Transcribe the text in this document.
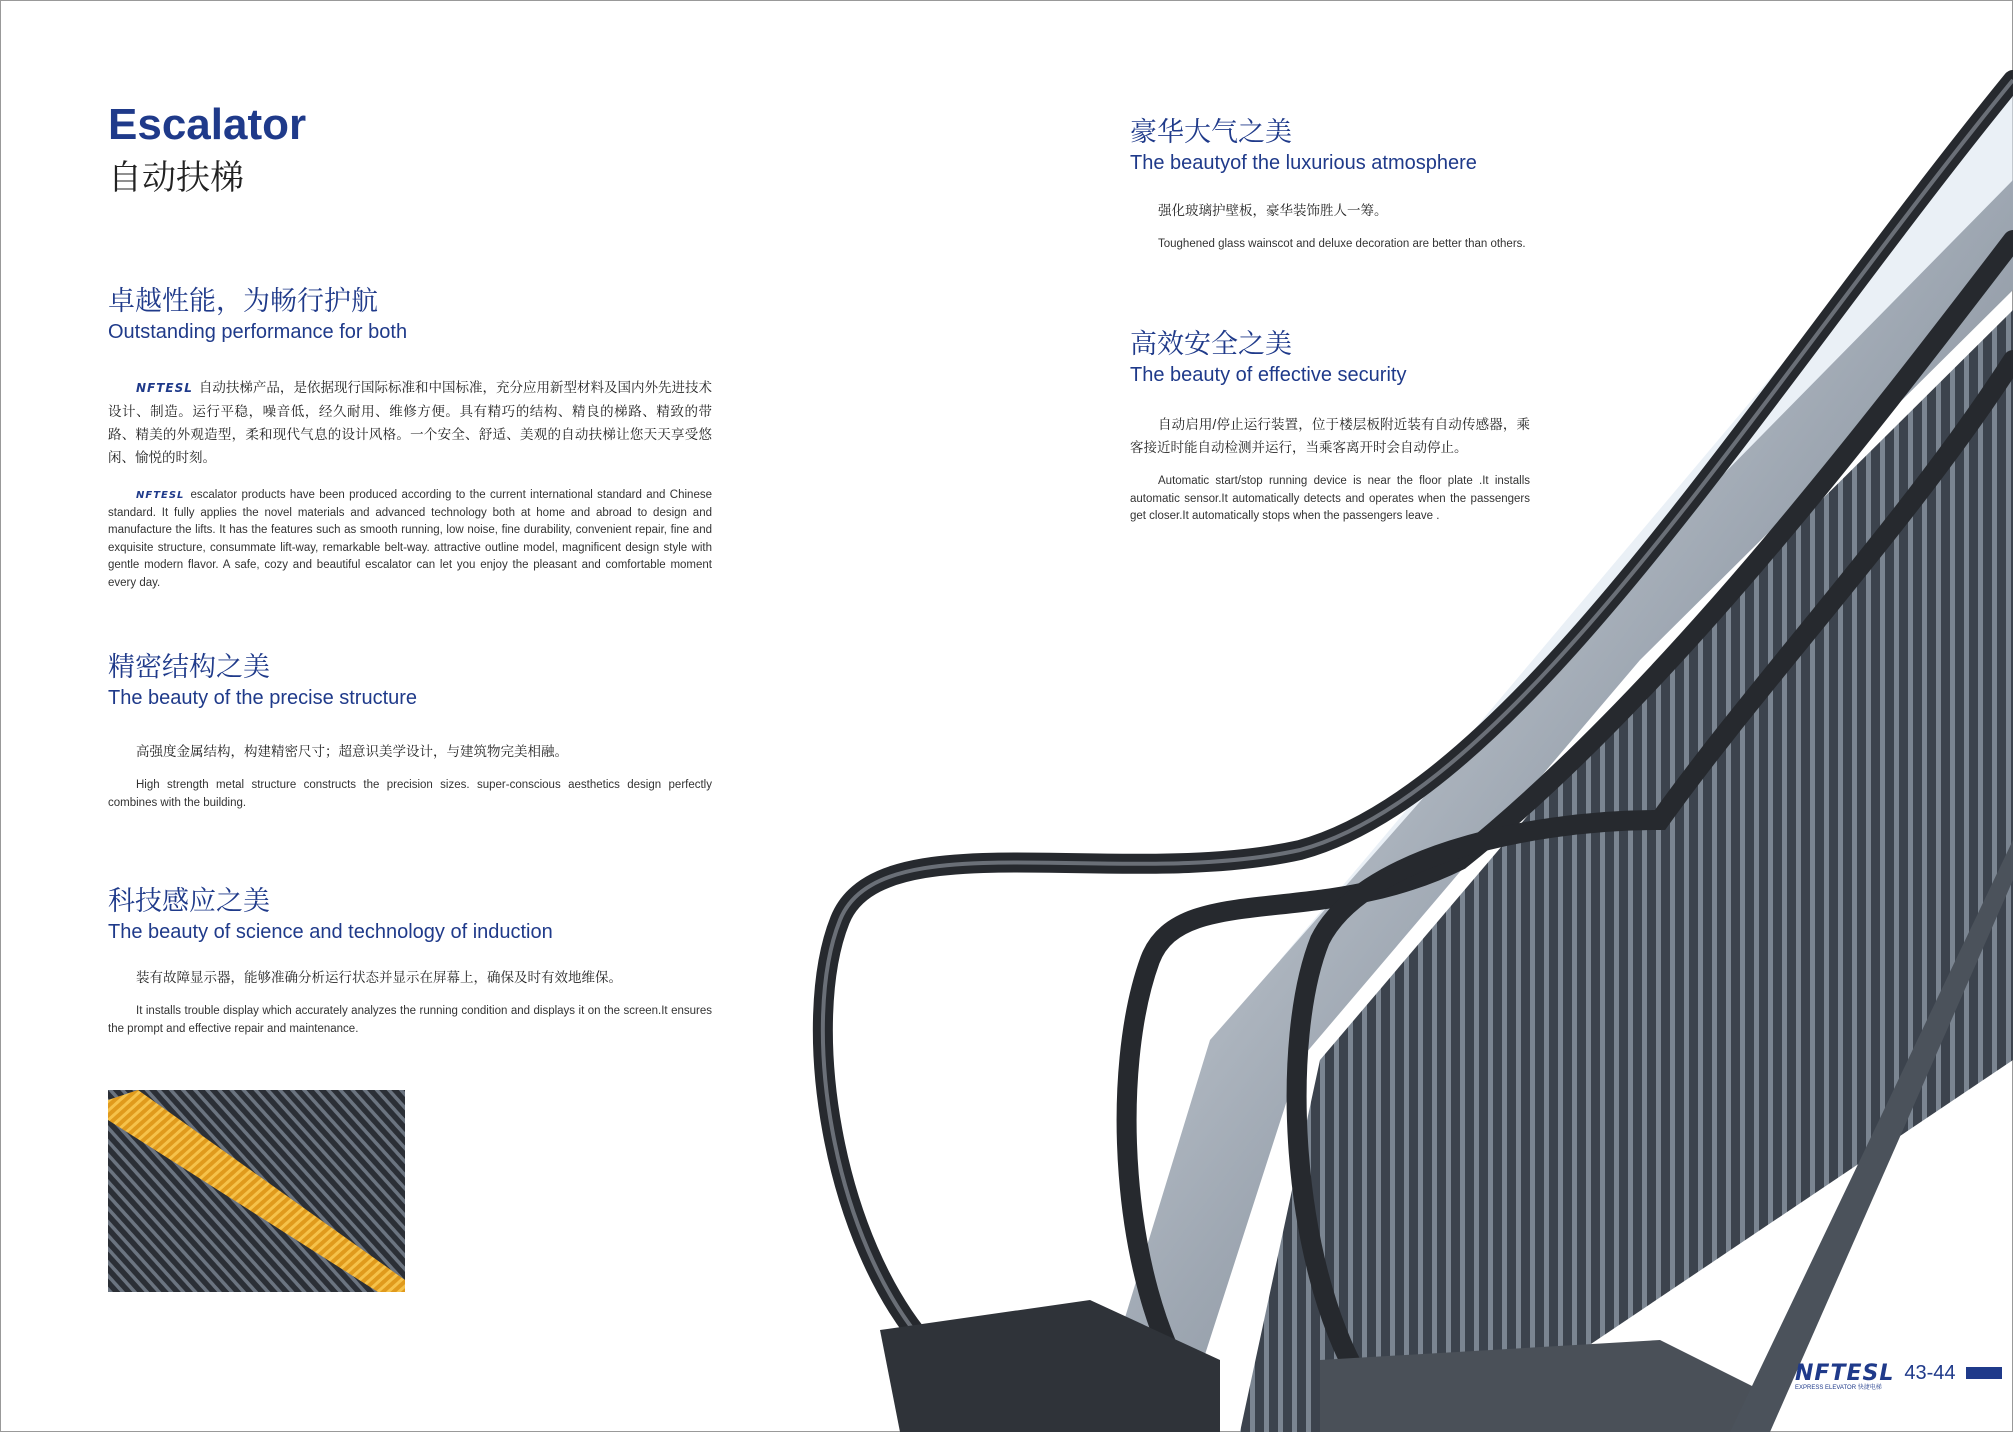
Escalator
自动扶梯
卓越性能，为畅行护航
Outstanding performance for both

NFTESL 自动扶梯产品，是依据现行国际标准和中国标准，充分应用新型材料及国内外先进技术设计、制造。运行平稳，噪音低，经久耐用、维修方便。具有精巧的结构、精良的梯路、精致的带路、精美的外观造型，柔和现代气息的设计风格。一个安全、舒适、美观的自动扶梯让您天天享受悠闲、愉悦的时刻。

NFTESL escalator products have been produced according to the current international standard and Chinese standard. It fully applies the novel materials and advanced technology both at home and abroad to design and manufacture the lifts. It has the features such as smooth running, low noise, fine durability, convenient repair, fine and exquisite structure, consummate lift-way, remarkable belt-way. attractive outline model, magnificent design style with gentle modern flavor. A safe, cozy and beautiful escalator can let you enjoy the pleasant and comfortable moment every day.

精密结构之美
The beauty of the precise structure

高强度金属结构，构建精密尺寸；超意识美学设计，与建筑物完美相融。

High strength metal structure constructs the precision sizes. super-conscious aesthetics design perfectly combines with the building.

科技感应之美
The beauty of science and technology of induction

装有故障显示器，能够准确分析运行状态并显示在屏幕上，确保及时有效地维保。

It installs trouble display which accurately analyzes the running condition and displays it on the screen.It ensures the prompt and effective repair and maintenance.

豪华大气之美
The beautyof the luxurious atmosphere

强化玻璃护壁板，豪华装饰胜人一筹。

Toughened glass wainscot and deluxe decoration are better than others.

高效安全之美
The beauty of effective security

自动启用/停止运行装置，位于楼层板附近装有自动传感器，乘客接近时能自动检测并运行，当乘客离开时会自动停止。

Automatic start/stop running device is near the floor plate .It installs automatic sensor.It automatically detects and operates when the passengers get closer.It automatically stops when the passengers leave .

NFTESL
EXPRESS ELEVATOR 快捷电梯
43-44
